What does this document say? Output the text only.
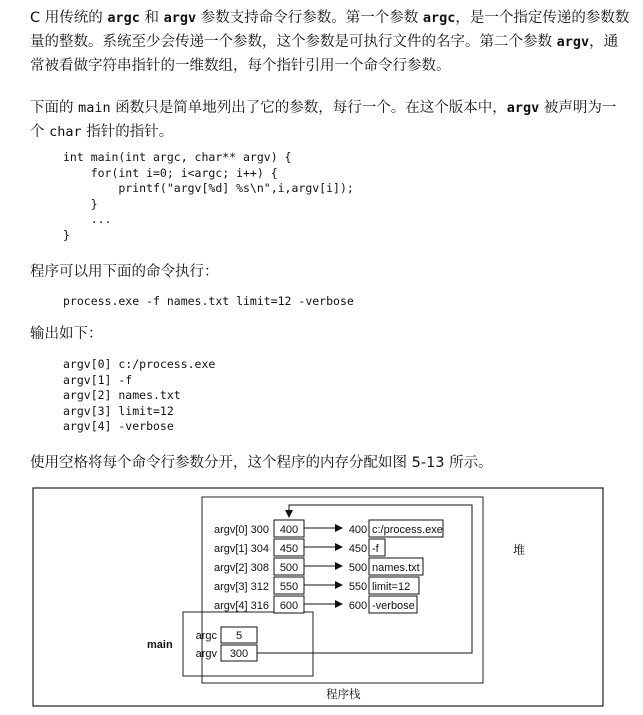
C 用传统的 argc 和 argv 参数支持命令行参数。第一个参数 argc，是一个指定传递的参数数量的整数。系统至少会传递一个参数，这个参数是可执行文件的名字。第二个参数 argv，通常被看做字符串指针的一维数组，每个指针引用一个命令行参数。
下面的 main 函数只是简单地列出了它的参数，每行一个。在这个版本中，argv 被声明为一个 char 指针的指针。
int main(int argc, char** argv) {
for(int i=0; i<argc; i++) {
printf("argv[%d] %s\n",i,argv[i]);
}
...
}
程序可以用下面的命令执行：
process.exe -f names.txt limit=12 -verbose
输出如下：
argv[0] c:/process.exe
argv[1] -f
argv[2] names.txt
argv[3] limit=12
argv[4] -verbose
使用空格将每个命令行参数分开，这个程序的内存分配如图 5-13 所示。
堆
main
程序栈
argv[0] 300 400	400 c:/process.exe
argv[1] 304 450	450 -f
argv[2] 308 500	500 names.txt
argv[3] 312 550	550 limit=12
argv[4] 316 600	600 -verbose
argc 5
argv 300
